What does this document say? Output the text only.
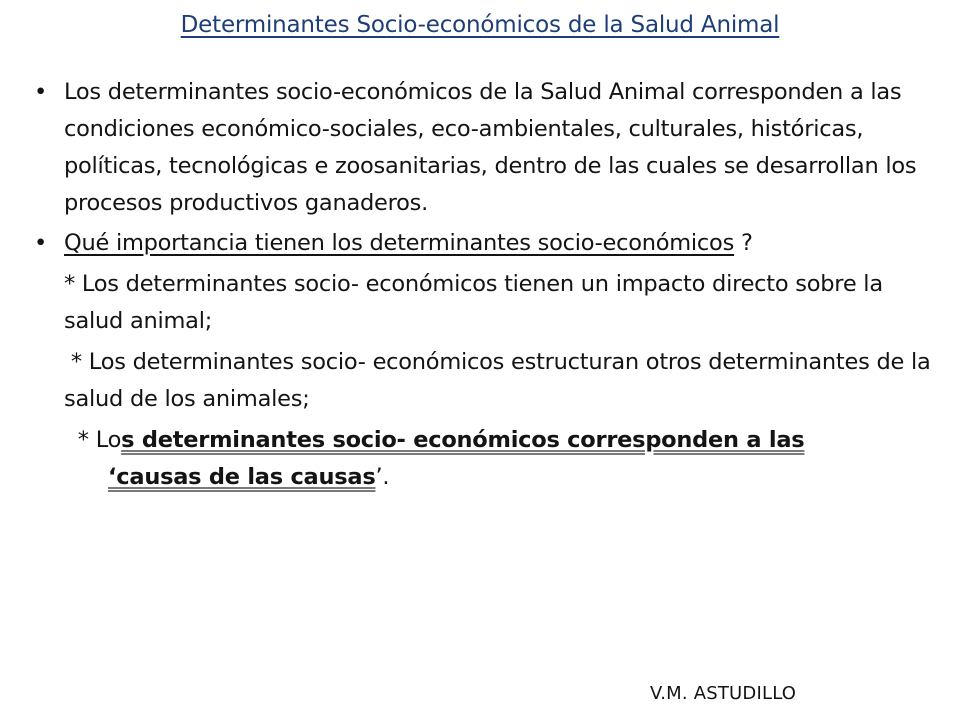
Determinantes Socio-económicos de la Salud Animal
• Los determinantes socio-económicos de la Salud Animal corresponden a las condiciones económico-sociales, eco-ambientales, culturales, históricas, políticas, tecnológicas e zoosanitarias, dentro de las cuales se desarrollan los procesos productivos ganaderos.
• Qué importancia tienen los determinantes socio-económicos ?
* Los determinantes socio- económicos tienen un impacto directo sobre la salud animal;
* Los determinantes socio- económicos estructuran otros determinantes de la salud de los animales;
* Los determinantes socio- económicos corresponden a las
‘causas de las causas’.
V.M. ASTUDILLO
